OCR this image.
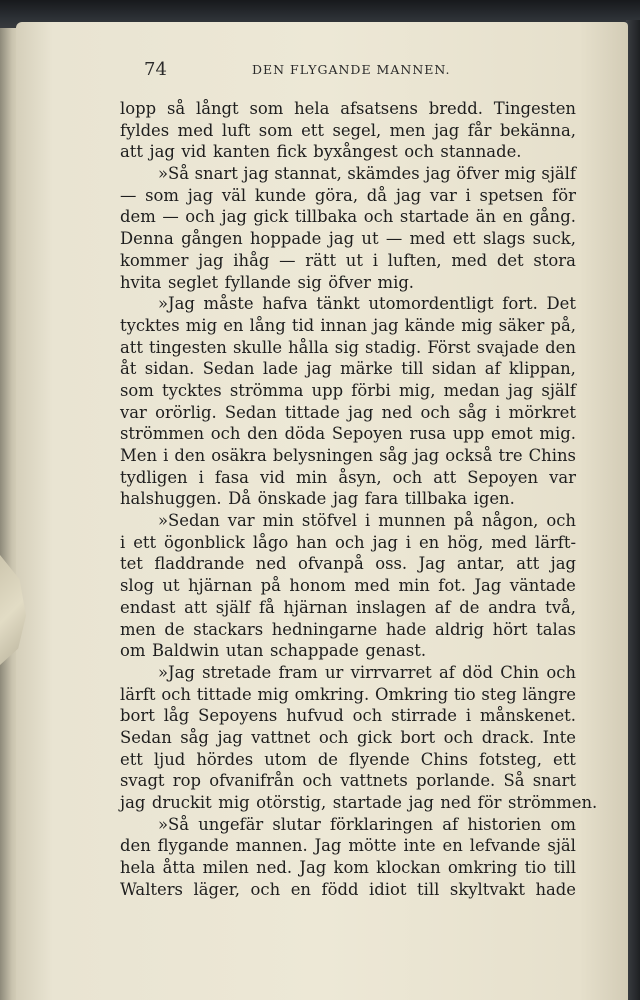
74	DEN FLYGANDE MANNEN.
lopp så långt som hela afsatsens bredd. Tingesten
fyldes med luft som ett segel, men jag får bekänna,
att jag vid kanten fick byxångest och stannade.
»Så snart jag stannat, skämdes jag öfver mig själf
— som jag väl kunde göra, då jag var i spetsen för
dem — och jag gick tillbaka och startade än en gång.
Denna gången hoppade jag ut — med ett slags suck,
kommer jag ihåg — rätt ut i luften, med det stora
hvita seglet fyllande sig öfver mig.
»Jag måste hafva tänkt utomordentligt fort. Det
tycktes mig en lång tid innan jag kände mig säker på,
att tingesten skulle hålla sig stadig. Först svajade den
åt sidan. Sedan lade jag märke till sidan af klippan,
som tycktes strömma upp förbi mig, medan jag själf
var orörlig. Sedan tittade jag ned och såg i mörkret
strömmen och den döda Sepoyen rusa upp emot mig.
Men i den osäkra belysningen såg jag också tre Chins
tydligen i fasa vid min åsyn, och att Sepoyen var
halshuggen. Då önskade jag fara tillbaka igen.
»Sedan var min stöfvel i munnen på någon, och
i ett ögonblick lågo han och jag i en hög, med lärft-
tet fladdrande ned ofvanpå oss. Jag antar, att jag
slog ut hjärnan på honom med min fot. Jag väntade
endast att själf få hjärnan inslagen af de andra två,
men de stackars hedningarne hade aldrig hört talas
om Baldwin utan schappade genast.
»Jag stretade fram ur virrvarret af död Chin och
lärft och tittade mig omkring. Omkring tio steg längre
bort låg Sepoyens hufvud och stirrade i månskenet.
Sedan såg jag vattnet och gick bort och drack. Inte
ett ljud hördes utom de flyende Chins fotsteg, ett
svagt rop ofvanifrån och vattnets porlande. Så snart
jag druckit mig otörstig, startade jag ned för strömmen.
»Så ungefär slutar förklaringen af historien om
den flygande mannen. Jag mötte inte en lefvande själ
hela åtta milen ned. Jag kom klockan omkring tio till
Walters läger, och en född idiot till skyltvakt hade
